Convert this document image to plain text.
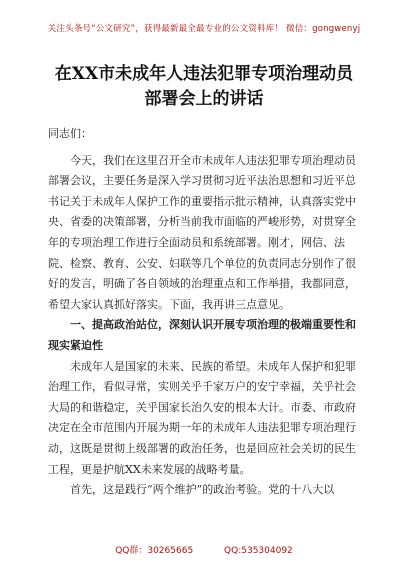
关注头条号“公文研究”，获得最新最全最专业的公文资料库！ 微信：gongwenyj
在XX市未成年人违法犯罪专项治理动员
部署会上的讲话

同志们：

今天，我们在这里召开全市未成年人违法犯罪专项治理动员部署会议，主要任务是深入学习贯彻习近平法治思想和习近平总书记关于未成年人保护工作的重要指示批示精神，认真落实党中央、省委的决策部署，分析当前我市面临的严峻形势，对贯穿全年的专项治理工作进行全面动员和系统部署。刚才，网信、法院、检察、教育、公安、妇联等几个单位的负责同志分别作了很好的发言，明确了各自领域的治理重点和工作举措，我都同意，希望大家认真抓好落实。下面，我再讲三点意见。

一、提高政治站位，深刻认识开展专项治理的极端重要性和现实紧迫性

未成年人是国家的未来、民族的希望。未成年人保护和犯罪治理工作，看似寻常，实则关乎千家万户的安宁幸福，关乎社会大局的和谐稳定，关乎国家长治久安的根本大计。市委、市政府决定在全市范围内开展为期一年的未成年人违法犯罪专项治理行动，这既是贯彻上级部署的政治任务，也是回应社会关切的民生工程，更是护航XX未来发展的战略考量。

首先，这是践行“两个维护”的政治考验。党的十八大以

QQ群：30265665	QQ:535304092
